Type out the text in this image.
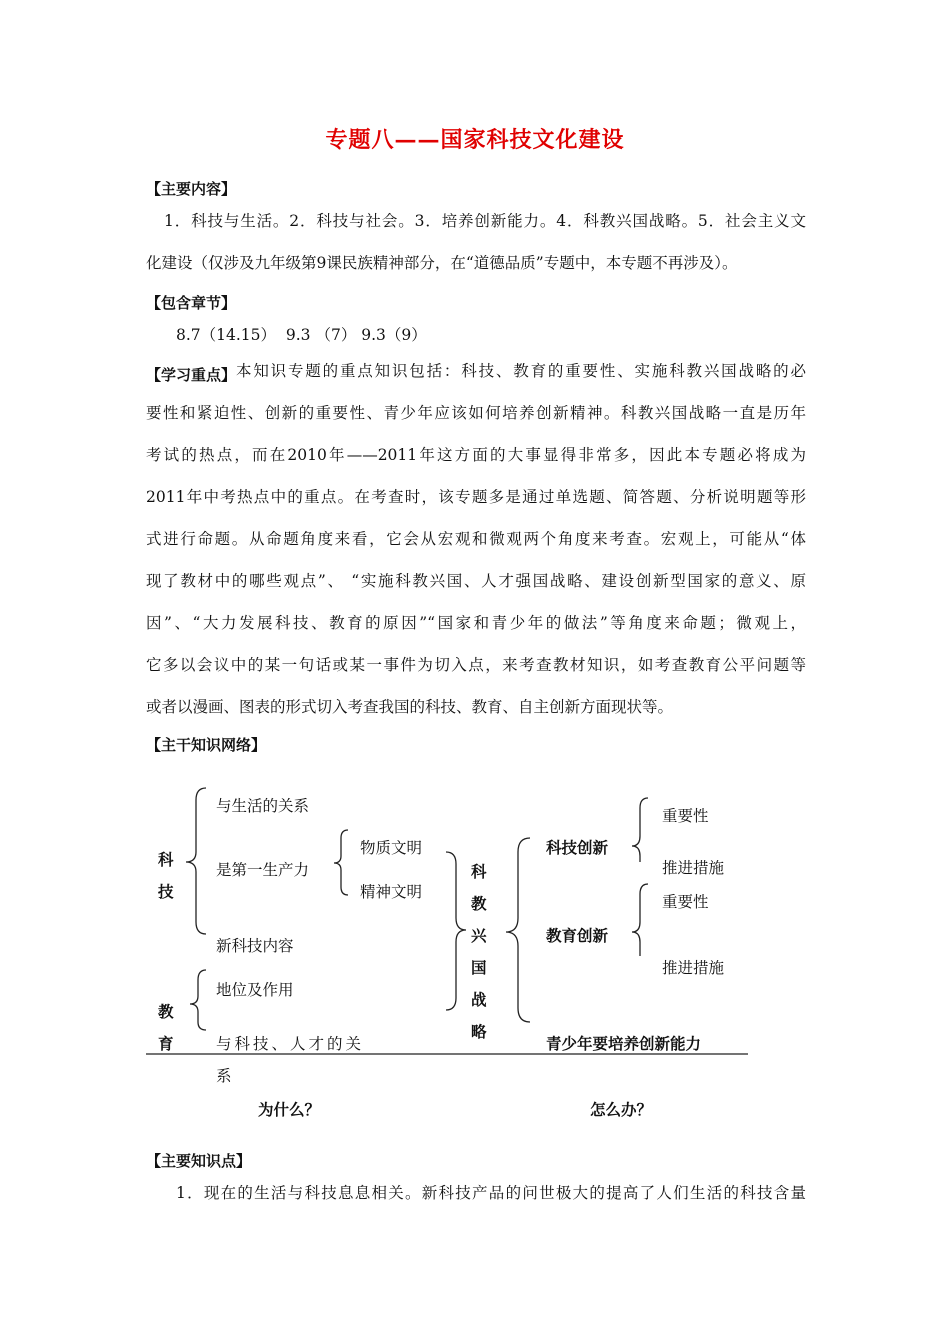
专题八——国家科技文化建设
【主要内容】
1．科技与生活。2．科技与社会。3．培养创新能力。4．科教兴国战略。5．社会主义文
化建设（仅涉及九年级第9课民族精神部分，在“道德品质”专题中，本专题不再涉及）。
【包含章节】
8.7（14.15）  9.3 （7） 9.3（9）
【学习重点】 本知识专题的重点知识包括：科技、教育的重要性、实施科教兴国战略的必
要性和紧迫性、创新的重要性、青少年应该如何培养创新精神。科教兴国战略一直是历年
考试的热点，而在2010年——2011年这方面的大事显得非常多，因此本专题必将成为
2011年中考热点中的重点。在考查时，该专题多是通过单选题、简答题、分析说明题等形
式进行命题。从命题角度来看，它会从宏观和微观两个角度来考查。宏观上，可能从“体
现了教材中的哪些观点”、 “实施科教兴国、人才强国战略、建设创新型国家的意义、原
因”、“大力发展科技、教育的原因”“国家和青少年的做法”等角度来命题；微观上，
它多以会议中的某一句话或某一事件为切入点，来考查教材知识，如考查教育公平问题等
或者以漫画、图表的形式切入考查我国的科技、教育、自主创新方面现状等。
【主干知识网络】
科
技
教
育
与生活的关系
是第一生产力
新科技内容
物质文明
精神文明
地位及作用
与科技、人才的关
系
科
教
兴
国
战
略
科技创新
教育创新
青少年要培养创新能力
重要性
推进措施
重要性
推进措施
为什么？	怎么办？
【主要知识点】
1．现在的生活与科技息息相关。新科技产品的问世极大的提高了人们生活的科技含量
